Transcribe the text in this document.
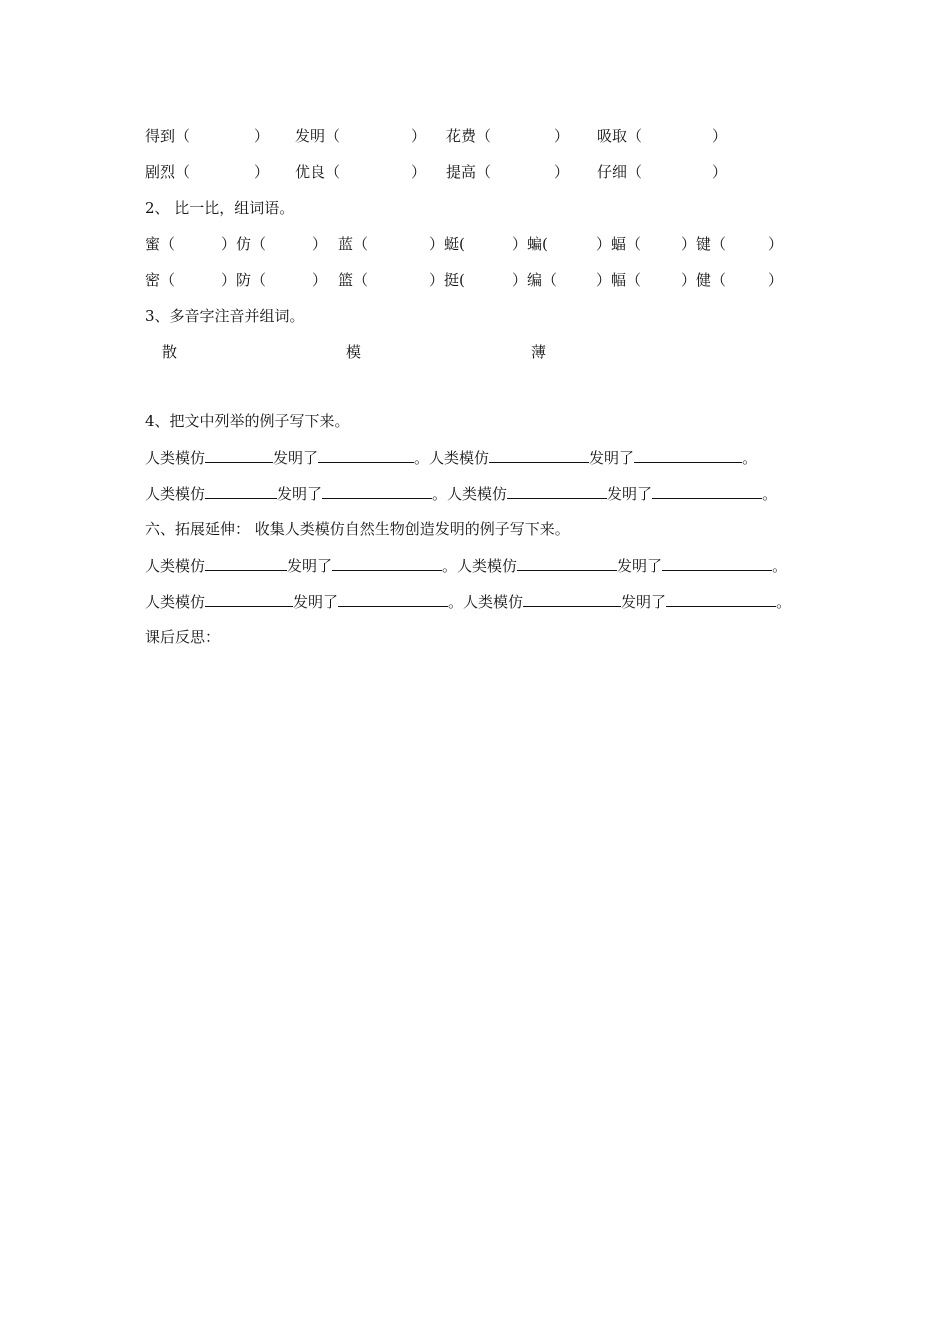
得到（	） 发明（	） 花费（	） 吸取（	）
剧烈（	） 优良（	） 提高（	） 仔细（	）
2、 比一比，组词语。
蜜（	）仿（	） 蓝（	）蜓(	）蝙(	）蝠（	）键（	）
密（	）防（	） 篮（	）挺(	）编（	）幅（	）健（	）
3、多音字注音并组词。
散	模	薄
4、把文中列举的例子写下来。
人类模仿	发明了	。人类模仿	发明了	。
人类模仿	发明了	。人类模仿	发明了	。
六、拓展延伸： 收集人类模仿自然生物创造发明的例子写下来。
人类模仿	发明了	。人类模仿	发明了	。
人类模仿	发明了	。人类模仿	发明了	。
课后反思：
